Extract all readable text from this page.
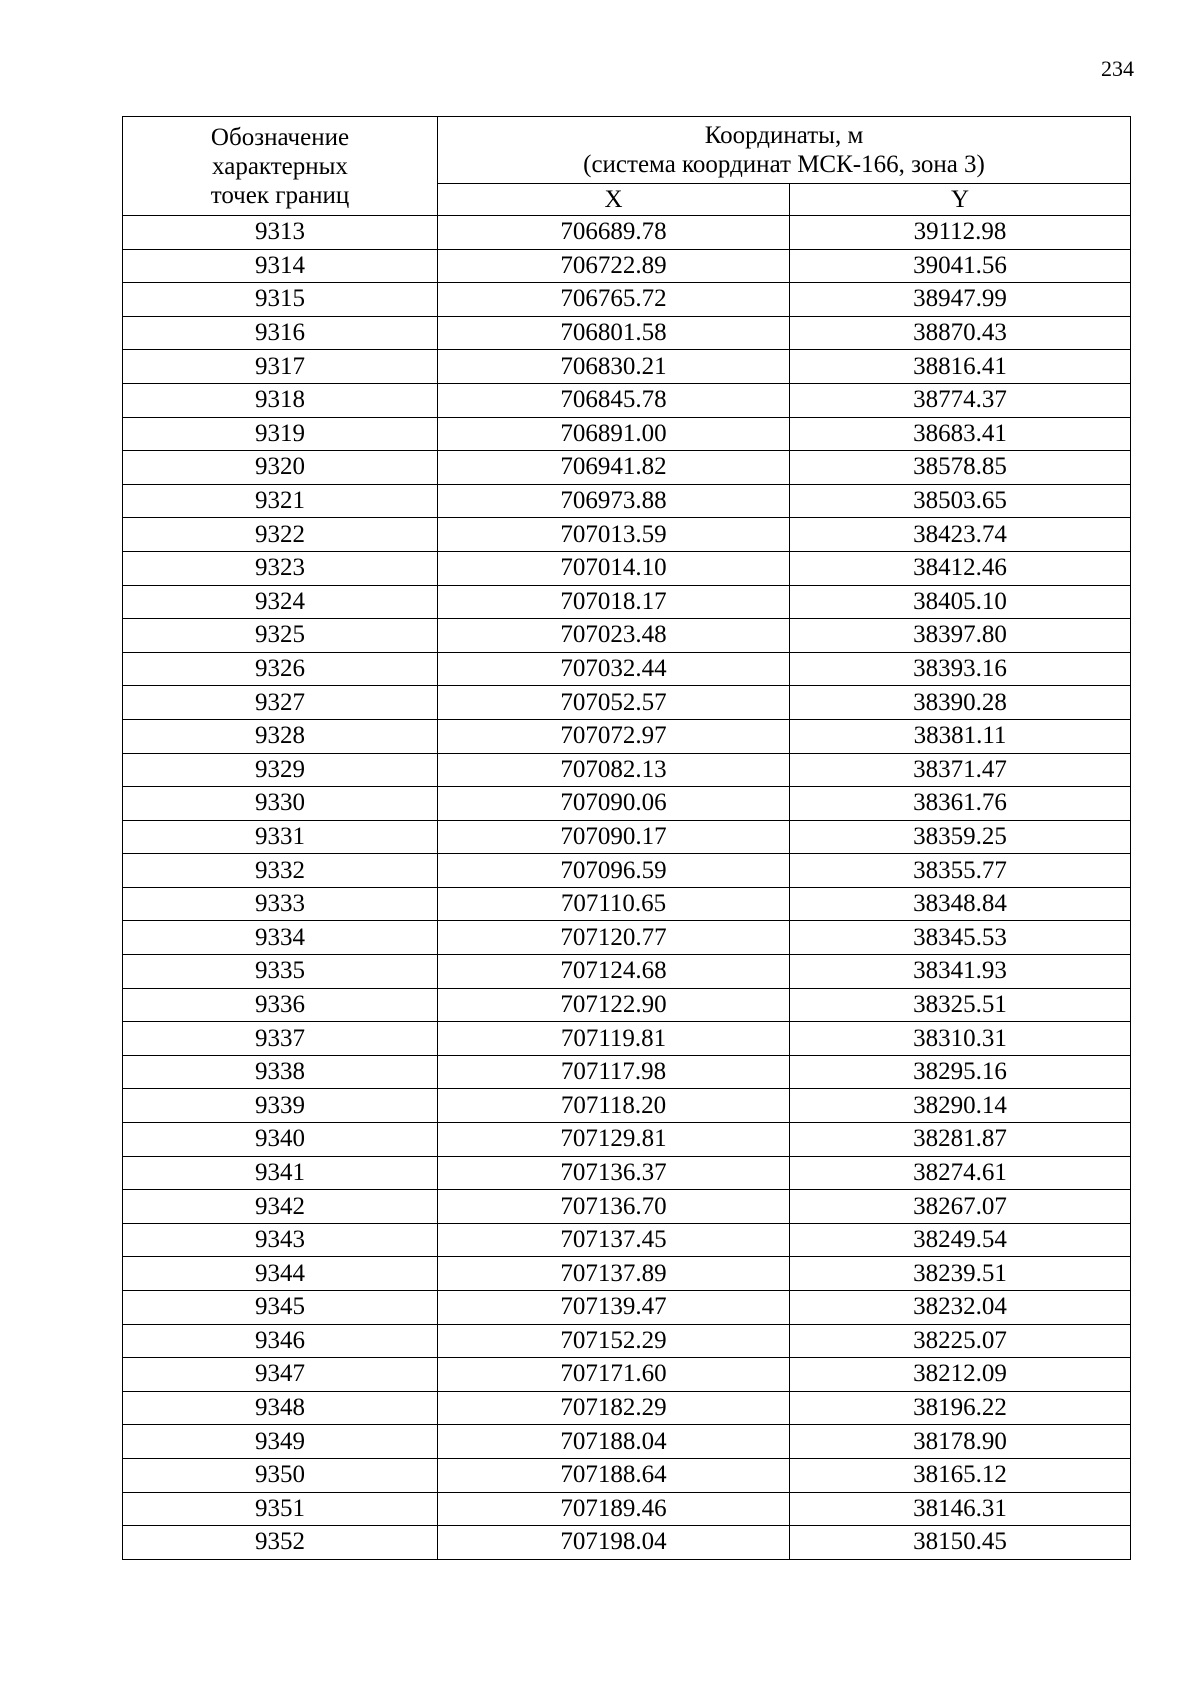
234
Обозначение
характерных
точек границ	Координаты, м
(система координат МСК-166, зона 3)	

	X	Y
9313	706689.78	39112.98
9314	706722.89	39041.56
9315	706765.72	38947.99
9316	706801.58	38870.43
9317	706830.21	38816.41
9318	706845.78	38774.37
9319	706891.00	38683.41
9320	706941.82	38578.85
9321	706973.88	38503.65
9322	707013.59	38423.74
9323	707014.10	38412.46
9324	707018.17	38405.10
9325	707023.48	38397.80
9326	707032.44	38393.16
9327	707052.57	38390.28
9328	707072.97	38381.11
9329	707082.13	38371.47
9330	707090.06	38361.76
9331	707090.17	38359.25
9332	707096.59	38355.77
9333	707110.65	38348.84
9334	707120.77	38345.53
9335	707124.68	38341.93
9336	707122.90	38325.51
9337	707119.81	38310.31
9338	707117.98	38295.16
9339	707118.20	38290.14
9340	707129.81	38281.87
9341	707136.37	38274.61
9342	707136.70	38267.07
9343	707137.45	38249.54
9344	707137.89	38239.51
9345	707139.47	38232.04
9346	707152.29	38225.07
9347	707171.60	38212.09
9348	707182.29	38196.22
9349	707188.04	38178.90
9350	707188.64	38165.12
9351	707189.46	38146.31
9352	707198.04	38150.45
